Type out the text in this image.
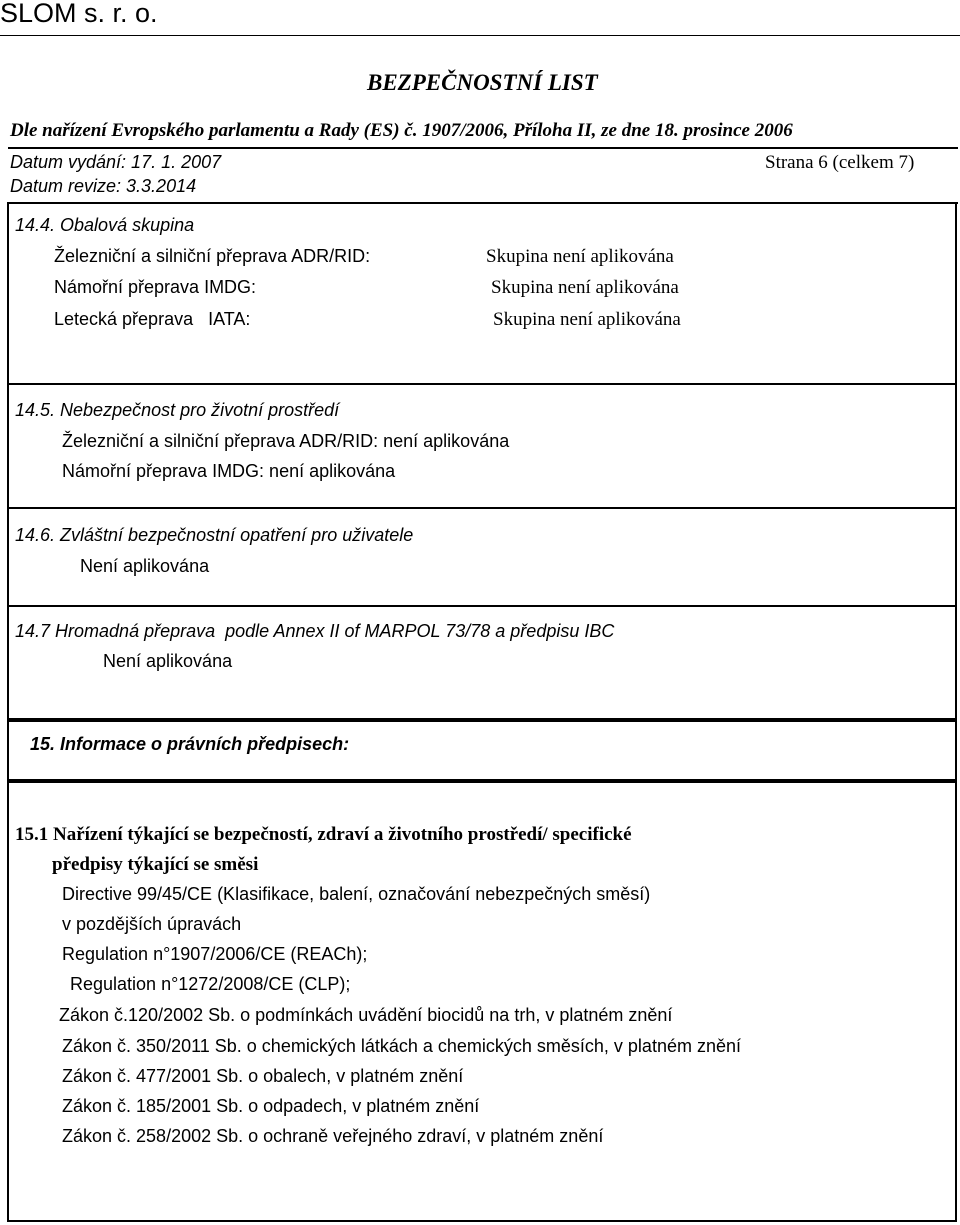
SLOM s. r. o.
BEZPEČNOSTNÍ LIST
Dle nařízení Evropského parlamentu a Rady (ES) č. 1907/2006, Příloha II, ze dne 18. prosince 2006
Datum vydání: 17. 1. 2007	Strana 6 (celkem 7)
Datum revize: 3.3.2014
14.4. Obalová skupina
Železniční a silniční přeprava ADR/RID:	Skupina není aplikována
Námořní přeprava IMDG:	Skupina není aplikována
Letecká přeprava   IATA:	Skupina není aplikována
14.5. Nebezpečnost pro životní prostředí
Železniční a silniční přeprava ADR/RID: není aplikována
Námořní přeprava IMDG: není aplikována
14.6. Zvláštní bezpečnostní opatření pro uživatele
Není aplikována
14.7 Hromadná přeprava  podle Annex II of MARPOL 73/78 a předpisu IBC
Není aplikována
15. Informace o právních předpisech:
15.1 Nařízení týkající se bezpečností, zdraví a životního prostředí/ specifické
předpisy týkající se směsi
Directive 99/45/CE (Klasifikace, balení, označování nebezpečných směsí)
v pozdějších úpravách
Regulation n°1907/2006/CE (REACh);
Regulation n°1272/2008/CE (CLP);
Zákon č.120/2002 Sb. o podmínkách uvádění biocidů na trh, v platném znění
Zákon č. 350/2011 Sb. o chemických látkách a chemických směsích, v platném znění
Zákon č. 477/2001 Sb. o obalech, v platném znění
Zákon č. 185/2001 Sb. o odpadech, v platném znění
Zákon č. 258/2002 Sb. o ochraně veřejného zdraví, v platném znění
